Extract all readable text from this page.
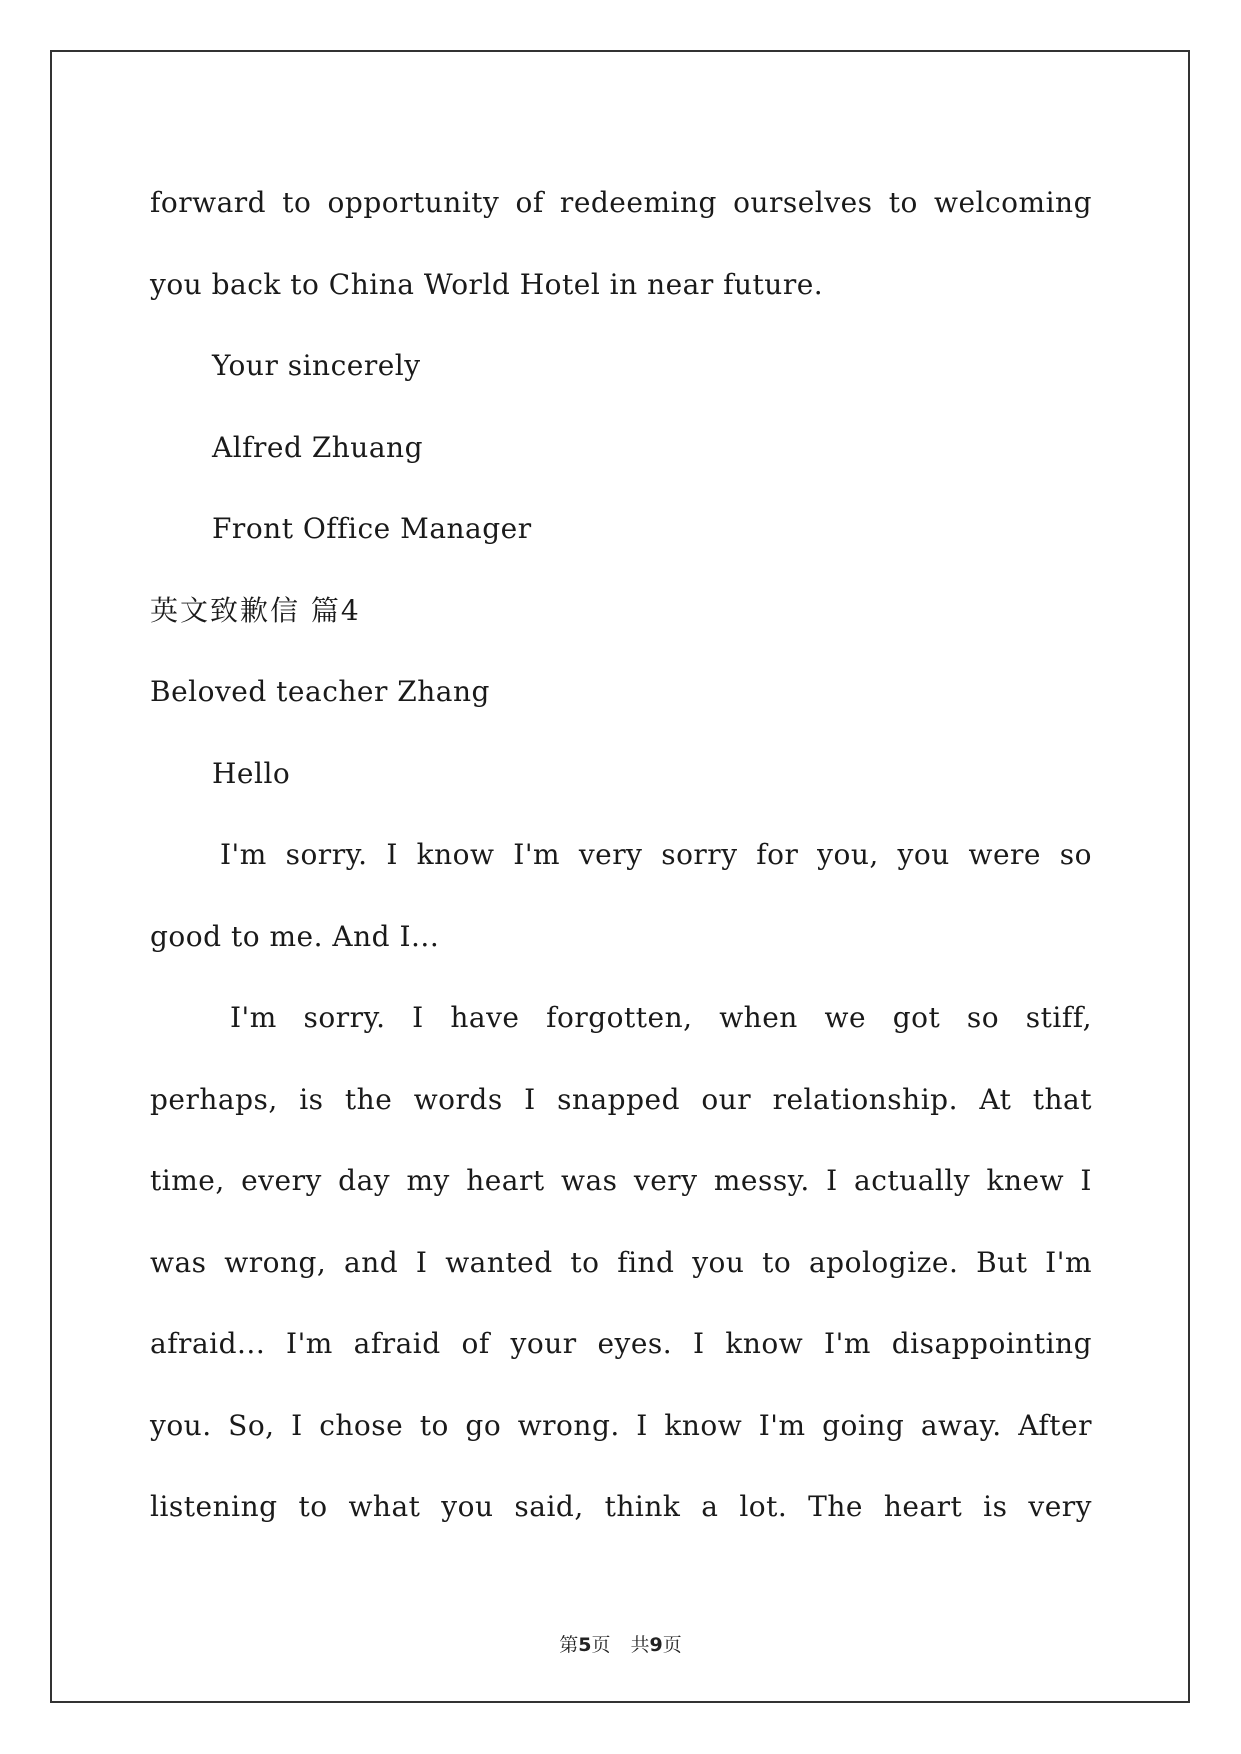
forward to opportunity of redeeming ourselves to welcoming
you back to China World Hotel in near future.
Your sincerely
Alfred Zhuang
Front Office Manager
英文致歉信 篇4
Beloved teacher Zhang
Hello
I'm sorry. I know I'm very sorry for you, you were so
good to me. And I...
I'm sorry. I have forgotten, when we got so stiff,
perhaps, is the words I snapped our relationship. At that
time, every day my heart was very messy. I actually knew I
was wrong, and I wanted to find you to apologize. But I'm
afraid... I'm afraid of your eyes. I know I'm disappointing
you. So, I chose to go wrong. I know I'm going away. After
listening to what you said, think a lot. The heart is very
第5页 共9页
